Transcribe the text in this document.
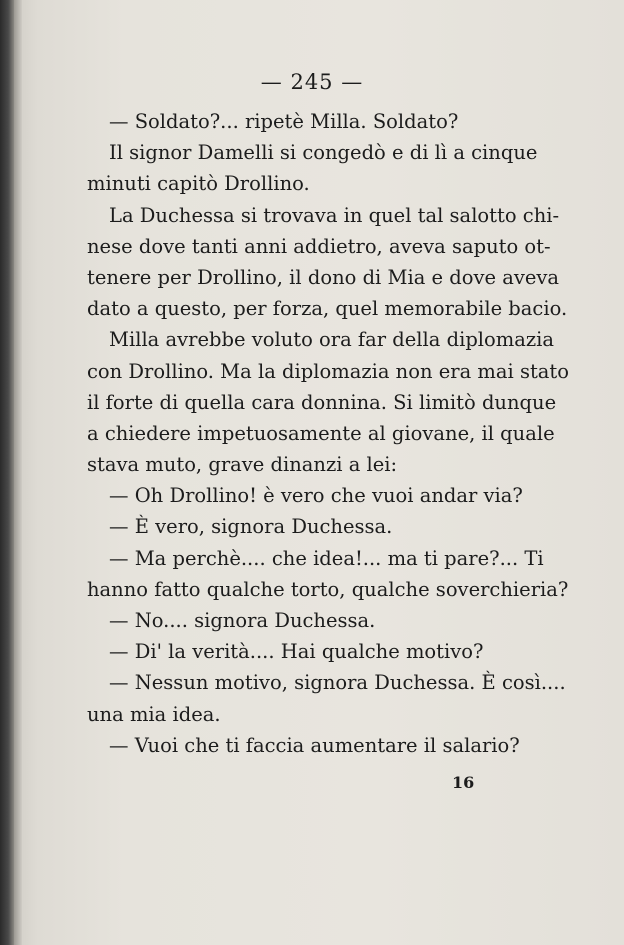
— 245 —
— Soldato?... ripetè Milla. Soldato?
Il signor Damelli si congedò e di lì a cinque
minuti capitò Drollino.
La Duchessa si trovava in quel tal salotto chi-
nese dove tanti anni addietro, aveva saputo ot-
tenere per Drollino, il dono di Mia e dove aveva
dato a questo, per forza, quel memorabile bacio.
Milla avrebbe voluto ora far della diplomazia
con Drollino. Ma la diplomazia non era mai stato
il forte di quella cara donnina. Si limitò dunque
a chiedere impetuosamente al giovane, il quale
stava muto, grave dinanzi a lei:
— Oh Drollino! è vero che vuoi andar via?
— È vero, signora Duchessa.
— Ma perchè.... che idea!... ma ti pare?... Ti
hanno fatto qualche torto, qualche soverchieria?
— No.... signora Duchessa.
— Di' la verità.... Hai qualche motivo?
— Nessun motivo, signora Duchessa. È così....
una mia idea.
— Vuoi che ti faccia aumentare il salario?
16
